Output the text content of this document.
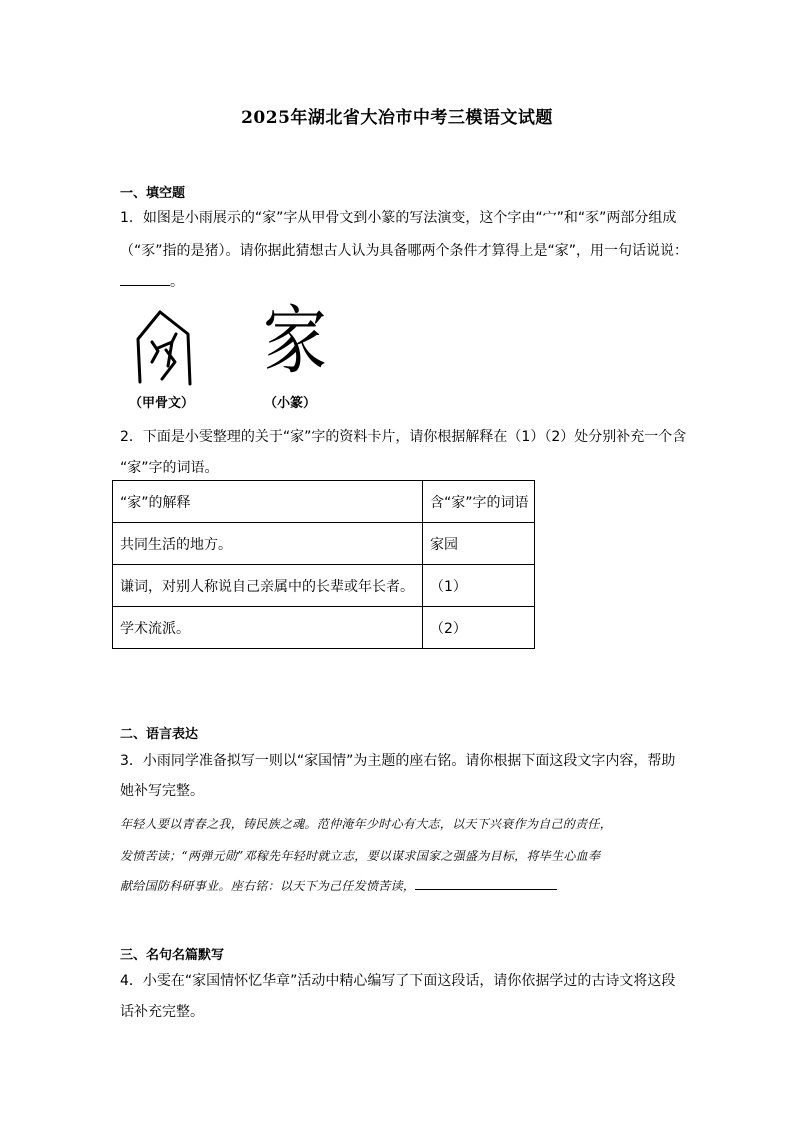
2025年湖北省大冶市中考三模语文试题
一、填空题
1．如图是小雨展示的“家”字从甲骨文到小篆的写法演变，这个字由“宀”和“豕”两部分组成
（“豕”指的是猪）。请你据此猜想古人认为具备哪两个条件才算得上是“家”，用一句话说说：
。
家
（甲骨文）	（小篆）
2．下面是小雯整理的关于“家”字的资料卡片，请你根据解释在（1）（2）处分别补充一个含
“家”字的词语。
“家”的解释	含“家”字的词语
共同生活的地方。	家园
谦词，对别人称说自己亲属中的长辈或年长者。	（1）
学术流派。	（2）
二、语言表达
3．小雨同学准备拟写一则以“家国情”为主题的座右铭。请你根据下面这段文字内容，帮助
她补写完整。
年轻人要以青春之我，铸民族之魂。范仲淹年少时心有大志，以天下兴衰作为自己的责任，
发愤苦读；“两弹元勋”邓稼先年轻时就立志，要以谋求国家之强盛为目标，将毕生心血奉
献给国防科研事业。座右铭：以天下为己任发愤苦读，
三、名句名篇默写
4．小雯在“家国情怀忆华章”活动中精心编写了下面这段话，请你依据学过的古诗文将这段
话补充完整。
